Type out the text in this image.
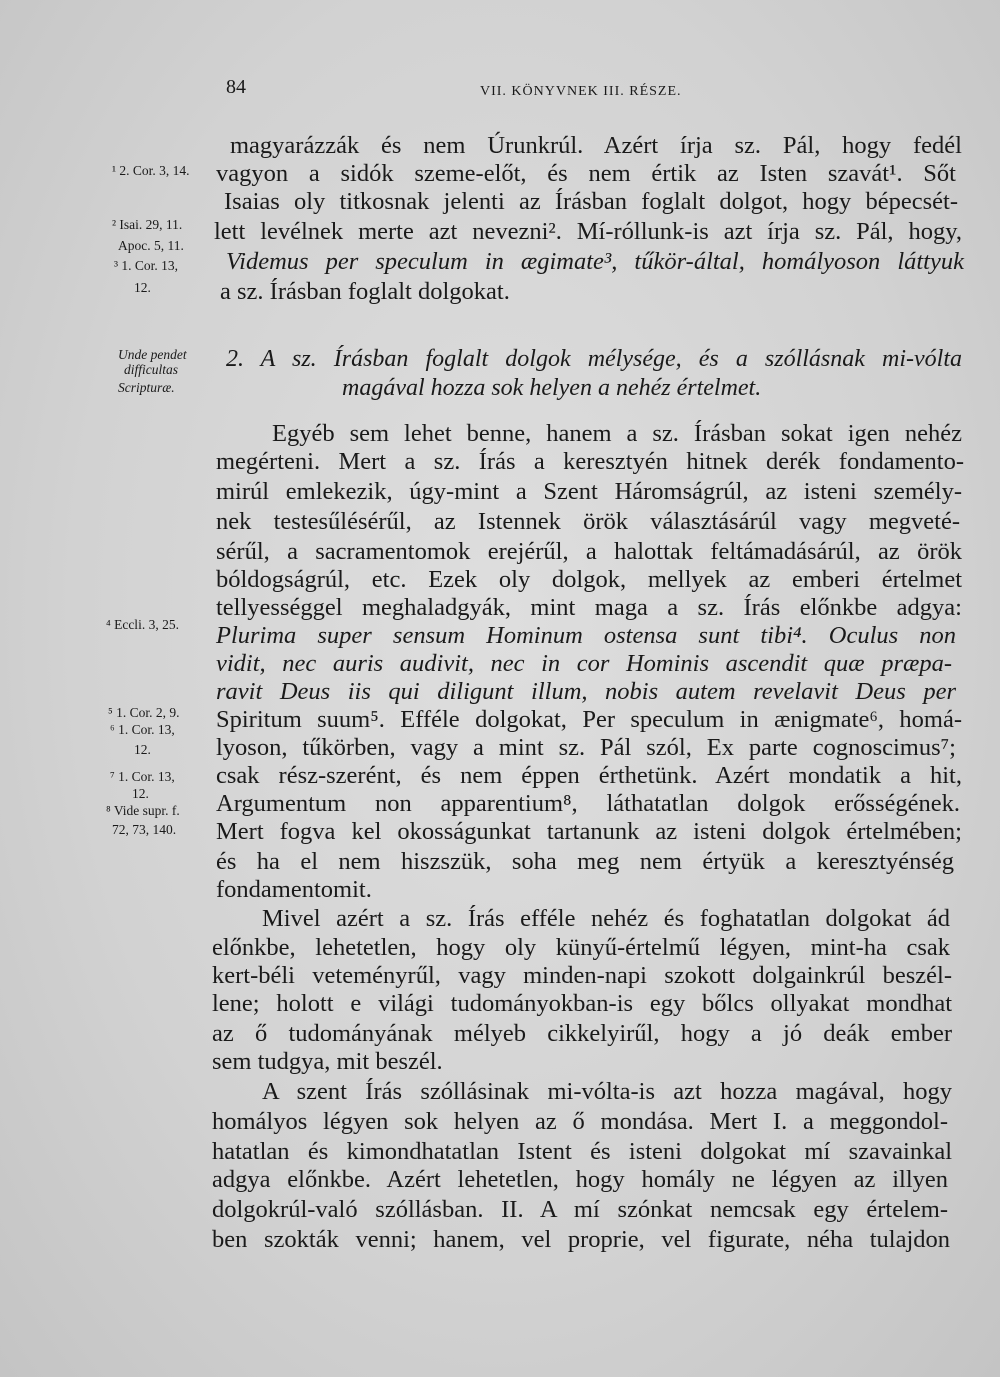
84	VII. KÖNYVNEK III. RÉSZE.
¹ 2. Cor. 3, 14.
² Isai. 29, 11.
Apoc. 5, 11.
³ 1. Cor. 13,
12.
Unde pendet
difficultas
Scripturæ.
⁴ Eccli. 3, 25.
⁵ 1. Cor. 2, 9.
⁶ 1. Cor. 13,
12.
⁷ 1. Cor. 13,
12.
⁸ Vide supr. f.
72, 73, 140.
magyarázzák és nem Úrunkrúl. Azért írja sz. Pál, hogy fedél
vagyon a sidók szeme-előt, és nem értik az Isten szavát¹. Sőt
Isaias oly titkosnak jelenti az Írásban foglalt dolgot, hogy bépecsét-
lett levélnek merte azt nevezni². Mí-róllunk-is azt írja sz. Pál, hogy,
Videmus per speculum in ægimate³, tűkör-által, homályoson láttyuk
a sz. Írásban foglalt dolgokat.
2. A sz. Írásban foglalt dolgok mélysége, és a szóllásnak mi-vólta
magával hozza sok helyen a nehéz értelmet.
Egyéb sem lehet benne, hanem a sz. Írásban sokat igen nehéz
megérteni. Mert a sz. Írás a keresztyén hitnek derék fondamento-
mirúl emlekezik, úgy-mint a Szent Háromságrúl, az isteni személy-
nek testesűlésérűl, az Istennek örök választásárúl vagy megveté-
sérűl, a sacramentomok erejérűl, a halottak feltámadásárúl, az örök
bóldogságrúl, etc. Ezek oly dolgok, mellyek az emberi értelmet
tellyességgel meghaladgyák, mint maga a sz. Írás előnkbe adgya:
Plurima super sensum Hominum ostensa sunt tibi⁴. Oculus non
vidit, nec auris audivit, nec in cor Hominis ascendit quæ præpa-
ravit Deus iis qui diligunt illum, nobis autem revelavit Deus per
Spiritum suum⁵. Efféle dolgokat, Per speculum in ænigmate⁶, homá-
lyoson, tűkörben, vagy a mint sz. Pál szól, Ex parte cognoscimus⁷;
csak rész-szerént, és nem éppen érthetünk. Azért mondatik a hit,
Argumentum non apparentium⁸, láthatatlan dolgok erősségének.
Mert fogva kel okosságunkat tartanunk az isteni dolgok értelmében;
és ha el nem hiszszük, soha meg nem értyük a keresztyénség
fondamentomit.
Mivel azért a sz. Írás efféle nehéz és foghatatlan dolgokat ád
előnkbe, lehetetlen, hogy oly künyű-értelmű légyen, mint-ha csak
kert-béli veteményrűl, vagy minden-napi szokott dolgainkrúl beszél-
lene; holott e világi tudományokban-is egy bőlcs ollyakat mondhat
az ő tudományának mélyeb cikkelyirűl, hogy a jó deák ember
sem tudgya, mit beszél.
A szent Írás szóllásinak mi-vólta-is azt hozza magával, hogy
homályos légyen sok helyen az ő mondása. Mert I. a meggondol-
hatatlan és kimondhatatlan Istent és isteni dolgokat mí szavainkal
adgya előnkbe. Azért lehetetlen, hogy homály ne légyen az illyen
dolgokrúl-való szóllásban. II. A mí szónkat nemcsak egy értelem-
ben szokták venni; hanem, vel proprie, vel figurate, néha tulajdon
